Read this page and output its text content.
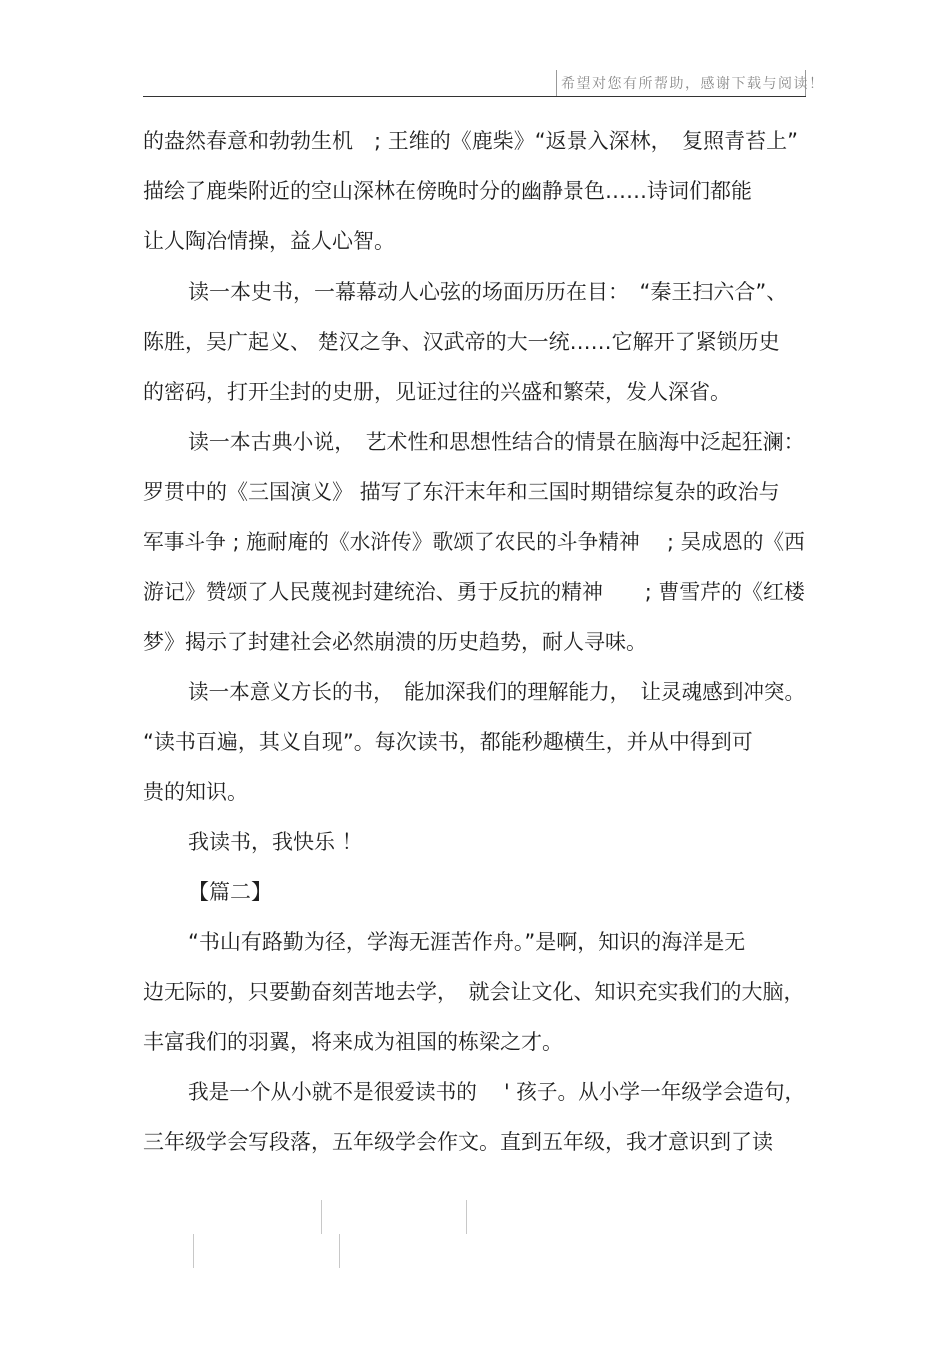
希望对您有所帮助，感谢下载与阅读！
的盎然春意和勃勃生机　; 王维的《鹿柴》“返景入深林，　复照青苔上”
描绘了鹿柴附近的空山深林在傍晚时分的幽静景色……诗词们都能
让人陶冶情操，益人心智。
读一本史书，一幕幕动人心弦的场面历历在目：　“秦王扫六合”、
陈胜，吴广起义、 楚汉之争、汉武帝的大一统……它解开了紧锁历史
的密码，打开尘封的史册，见证过往的兴盛和繁荣，发人深省。
读一本古典小说，　艺术性和思想性结合的情景在脑海中泛起狂澜：
罗贯中的《三国演义》 描写了东汗末年和三国时期错综复杂的政治与
军事斗争 ; 施耐庵的《水浒传》歌颂了农民的斗争精神　 ; 吴成恩的《西
游记》赞颂了人民蔑视封建统治、勇于反抗的精神　　; 曹雪芹的《红楼
梦》揭示了封建社会必然崩溃的历史趋势，耐人寻味。
读一本意义方长的书，　能加深我们的理解能力，　让灵魂感到冲突。
“读书百遍，其义自现”。每次读书，都能秒趣横生，并从中得到可
贵的知识。
我读书，我快乐 ！
【篇二】
“书山有路勤为径，学海无涯苦作舟。”是啊，知识的海洋是无
边无际的，只要勤奋刻苦地去学，　就会让文化、知识充实我们的大脑，
丰富我们的羽翼，将来成为祖国的栋梁之才。
我是一个从小就不是很爱读书的　 ' 孩子。从小学一年级学会造句，
三年级学会写段落，五年级学会作文。直到五年级，我才意识到了读
